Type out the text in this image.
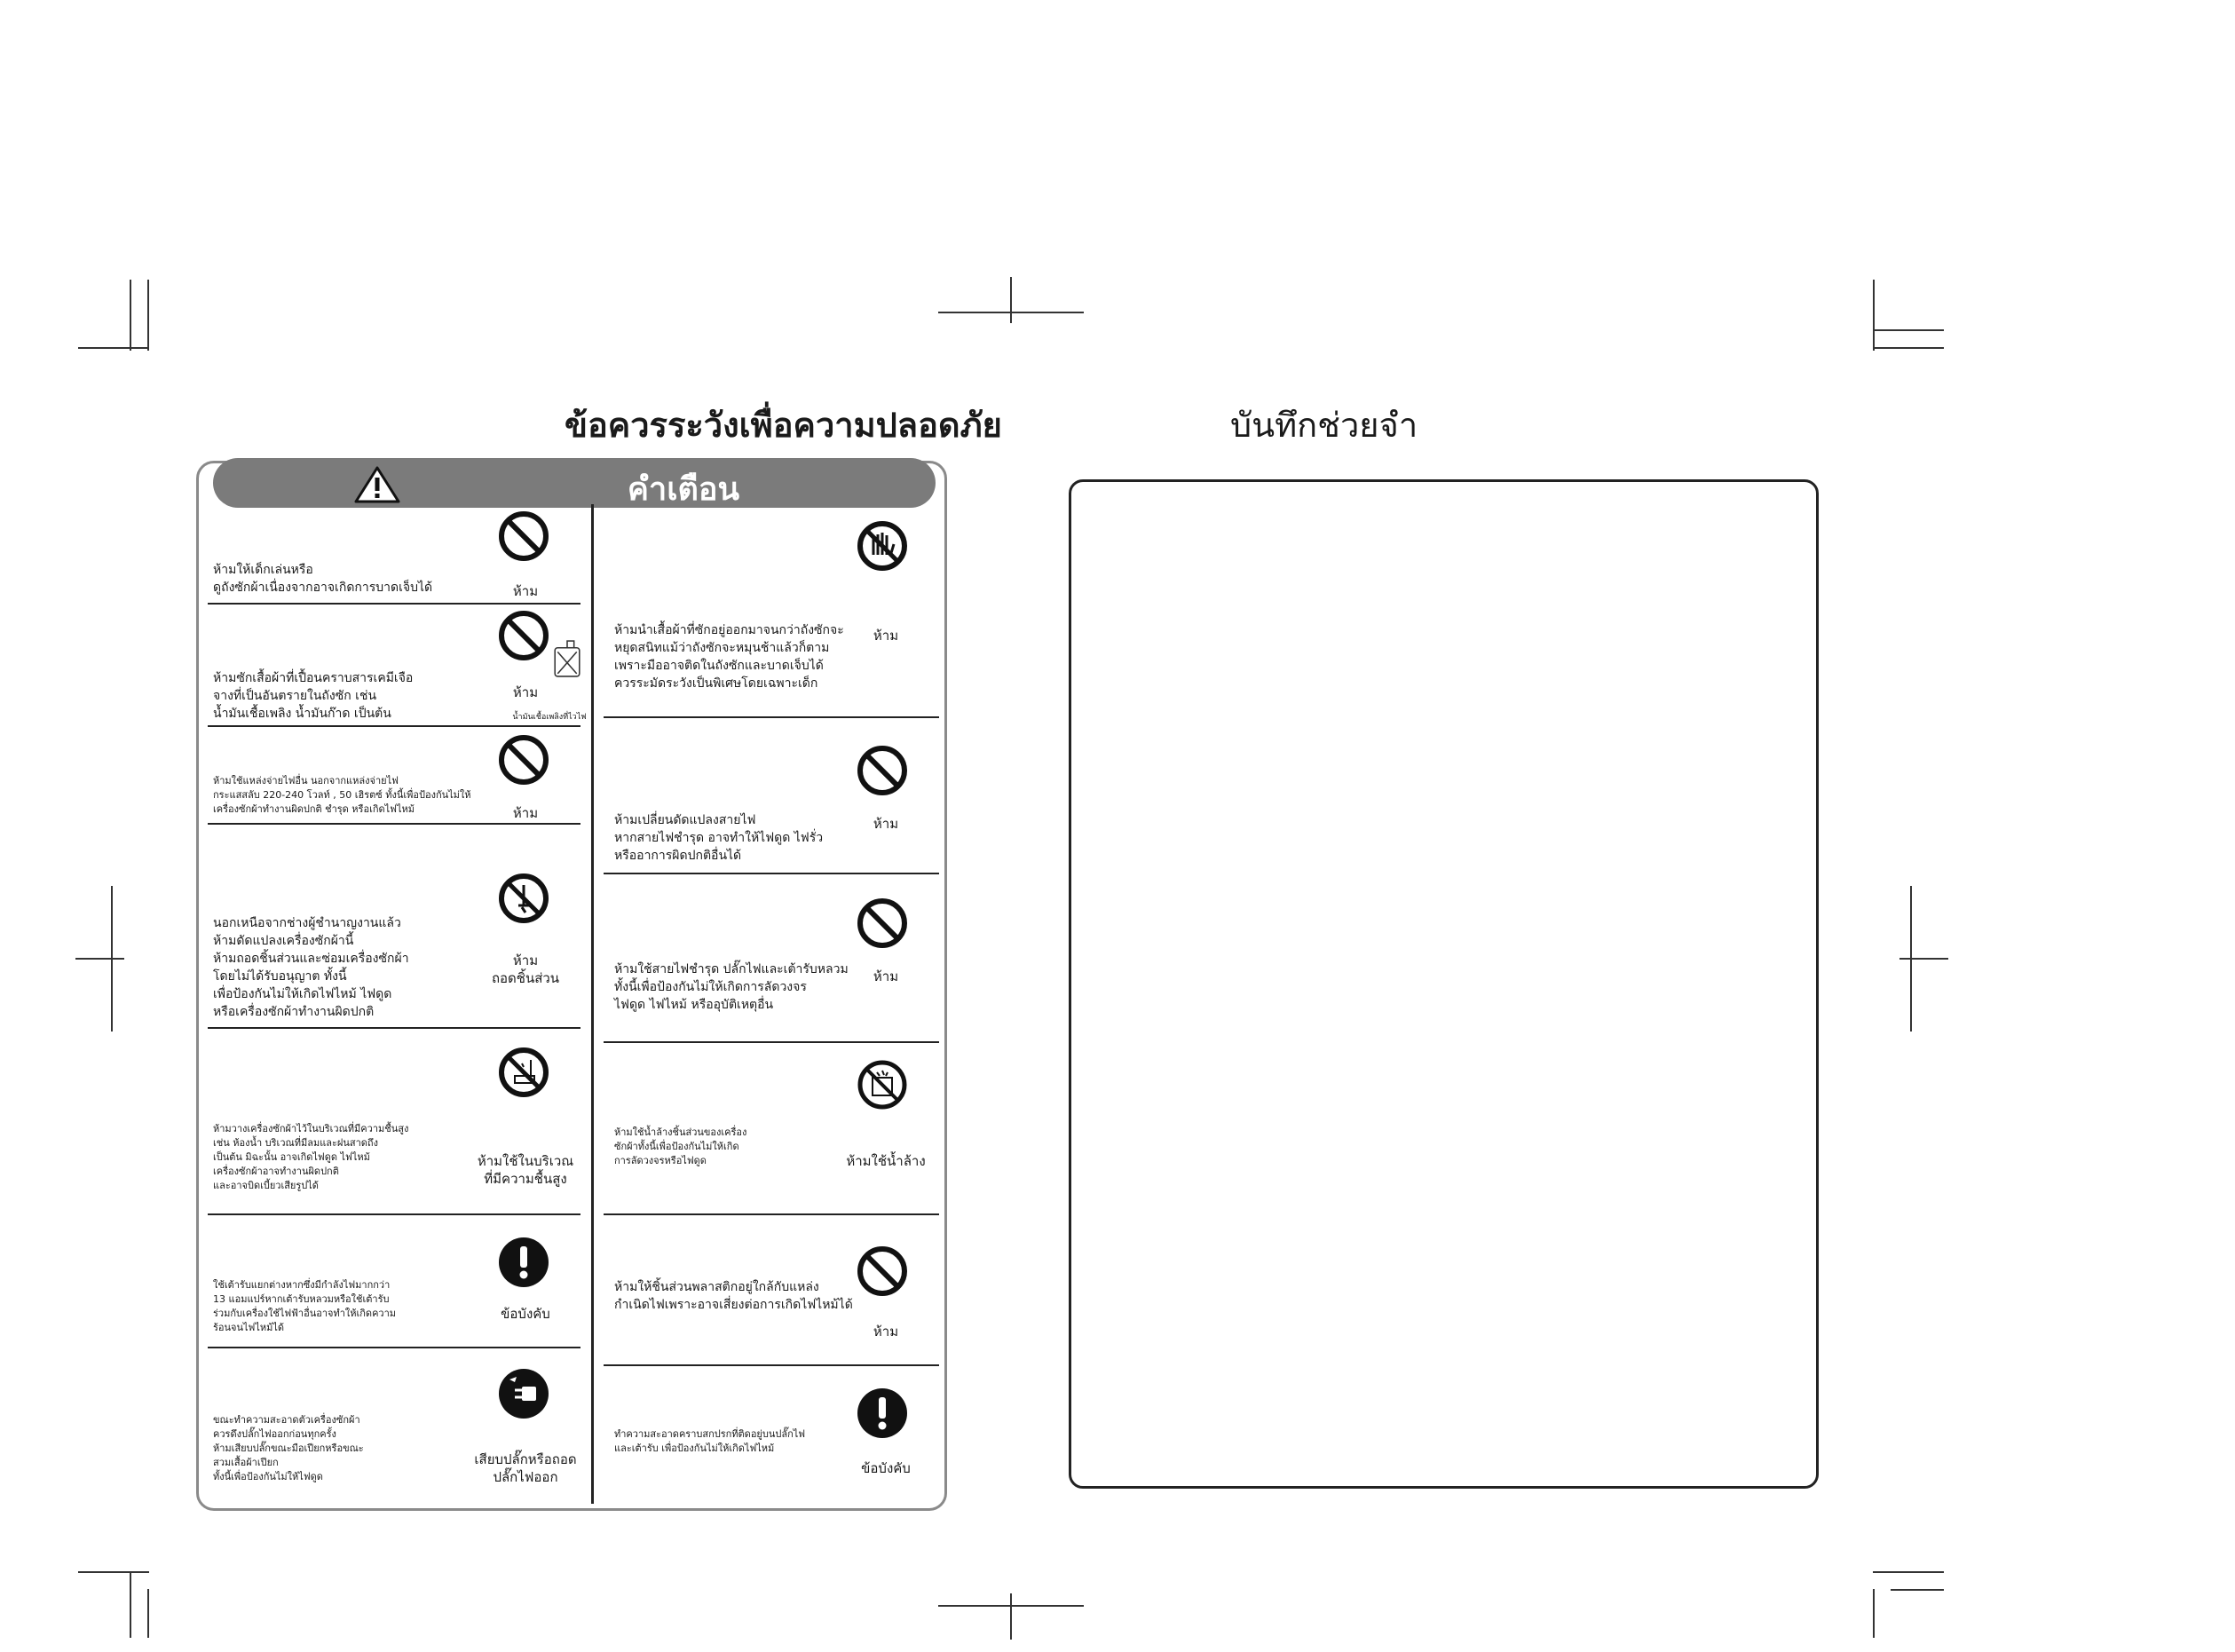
ข้อควรระวังเพื่อความปลอดภัย	บันทึกช่วยจำ
คำเตือน
ห้ามให้เด็กเล่นหรือ
ดูถังซักผ้าเนื่องจากอาจเกิดการบาดเจ็บได้	ห้าม
ห้ามซักเสื้อผ้าที่เปื้อนคราบสารเคมีเจือ
จางที่เป็นอันตรายในถังซัก เช่น
น้ำมันเชื้อเพลิง น้ำมันก๊าด เป็นต้น
ห้าม
น้ำมันเชื้อเพลิงที่ไวไฟ
ห้ามใช้แหล่งจ่ายไฟอื่น นอกจากแหล่งจ่ายไฟ
กระแสสลับ 220-240 โวลท์ , 50 เฮิรตซ์ ทั้งนี้เพื่อป้องกันไม่ให้
เครื่องซักผ้าทำงานผิดปกติ ชำรุด หรือเกิดไฟไหม้	ห้าม
นอกเหนือจากช่างผู้ชำนาญงานแล้ว
ห้ามดัดแปลงเครื่องซักผ้านี้
ห้ามถอดชิ้นส่วนและซ่อมเครื่องซักผ้า
โดยไม่ได้รับอนุญาต ทั้งนี้
เพื่อป้องกันไม่ให้เกิดไฟไหม้ ไฟดูด
หรือเครื่องซักผ้าทำงานผิดปกติ
ห้าม
ถอดชิ้นส่วน
ห้ามวางเครื่องซักผ้าไว้ในบริเวณที่มีความชื้นสูง
เช่น ห้องน้ำ บริเวณที่มีลมและฝนสาดถึง
เป็นต้น มิฉะนั้น อาจเกิดไฟดูด ไฟไหม้
เครื่องซักผ้าอาจทำงานผิดปกติ
และอาจบิดเบี้ยวเสียรูปได้
ห้ามใช้ในบริเวณ
ที่มีความชื้นสูง
ใช้เต้ารับแยกต่างหากซึ่งมีกำลังไฟมากกว่า
13 แอมแปร์หากเต้ารับหลวมหรือใช้เต้ารับ
ร่วมกับเครื่องใช้ไฟฟ้าอื่นอาจทำให้เกิดความ
ร้อนจนไฟไหม้ได้
ข้อบังคับ
ขณะทำความสะอาดตัวเครื่องซักผ้า
ควรดึงปลั๊กไฟออกก่อนทุกครั้ง
ห้ามเสียบปลั๊กขณะมือเปียกหรือขณะ
สวมเสื้อผ้าเปียก
ทั้งนี้เพื่อป้องกันไม่ให้ไฟดูด
เสียบปลั๊กหรือถอด
ปลั๊กไฟออก
ห้ามนำเสื้อผ้าที่ซักอยู่ออกมาจนกว่าถังซักจะ
หยุดสนิทแม้ว่าถังซักจะหมุนช้าแล้วก็ตาม
เพราะมืออาจติดในถังซักและบาดเจ็บได้
ควรระมัดระวังเป็นพิเศษโดยเฉพาะเด็ก
ห้าม
ห้ามเปลี่ยนดัดแปลงสายไฟ
หากสายไฟชำรุด อาจทำให้ไฟดูด ไฟรั่ว
หรืออาการผิดปกติอื่นได้
ห้าม
ห้ามใช้สายไฟชำรุด ปลั๊กไฟและเต้ารับหลวม
ทั้งนี้เพื่อป้องกันไม่ให้เกิดการลัดวงจร
ไฟดูด ไฟไหม้ หรืออุบัติเหตุอื่น
ห้าม
ห้ามใช้น้ำล้างชิ้นส่วนของเครื่อง
ซักผ้าทั้งนี้เพื่อป้องกันไม่ให้เกิด
การลัดวงจรหรือไฟดูด	ห้ามใช้น้ำล้าง
ห้ามให้ชิ้นส่วนพลาสติกอยู่ใกล้กับแหล่ง
กำเนิดไฟเพราะอาจเสี่ยงต่อการเกิดไฟไหม้ได้
ห้าม
ทำความสะอาดคราบสกปรกที่ติดอยู่บนปลั๊กไฟ
และเต้ารับ เพื่อป้องกันไม่ให้เกิดไฟไหม้
ข้อบังคับ
